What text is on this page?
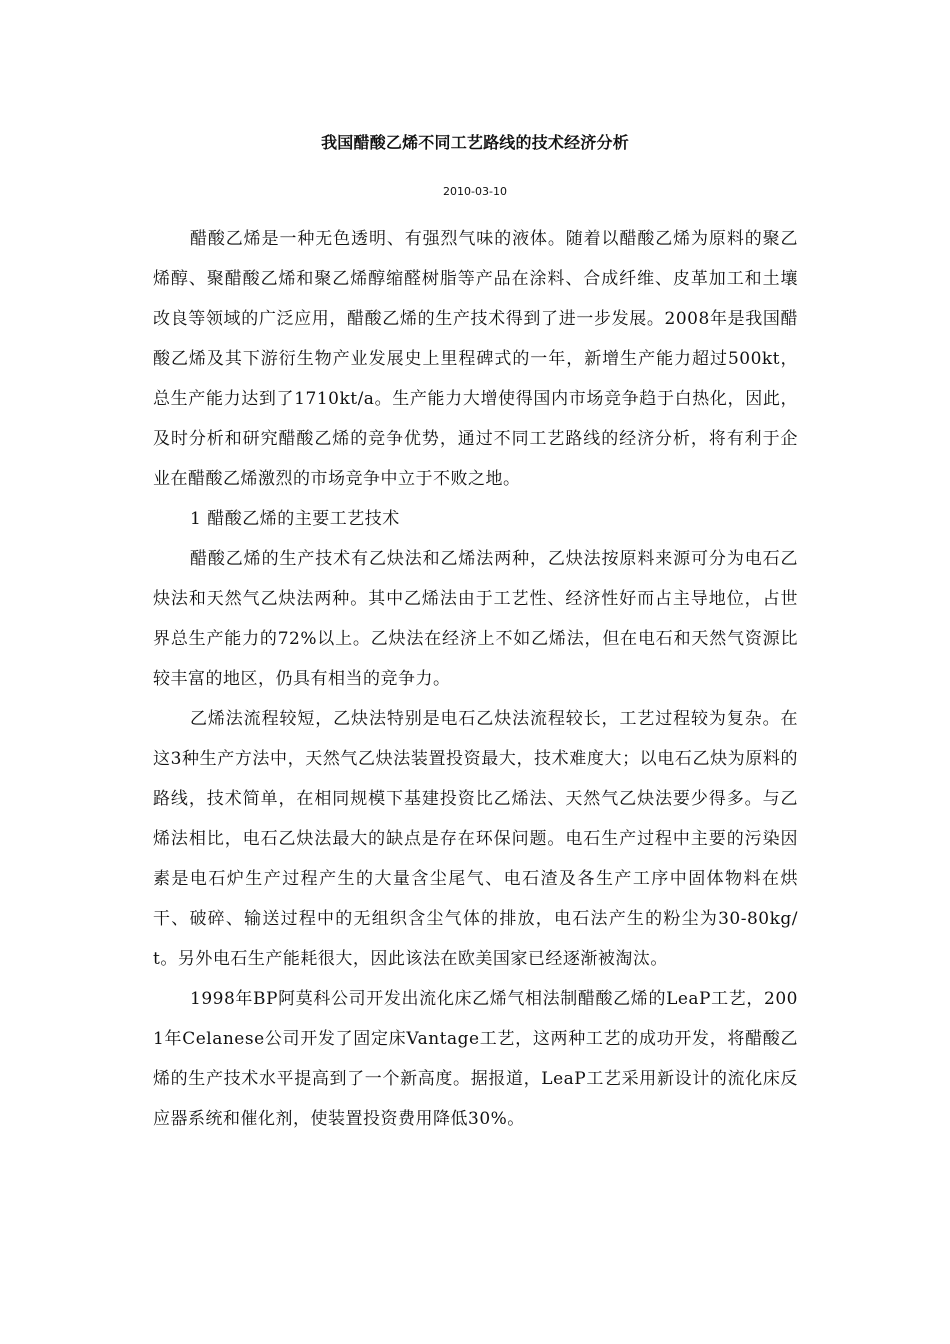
我国醋酸乙烯不同工艺路线的技术经济分析
2010-03-10

醋酸乙烯是一种无色透明、有强烈气味的液体。随着以醋酸乙烯为原料的聚乙烯醇、聚醋酸乙烯和聚乙烯醇缩醛树脂等产品在涂料、合成纤维、皮革加工和土壤改良等领域的广泛应用，醋酸乙烯的生产技术得到了进一步发展。2008年是我国醋酸乙烯及其下游衍生物产业发展史上里程碑式的一年，新增生产能力超过500kt，总生产能力达到了1710kt/a。生产能力大增使得国内市场竞争趋于白热化，因此，及时分析和研究醋酸乙烯的竞争优势，通过不同工艺路线的经济分析，将有利于企业在醋酸乙烯激烈的市场竞争中立于不败之地。

1 醋酸乙烯的主要工艺技术

醋酸乙烯的生产技术有乙炔法和乙烯法两种，乙炔法按原料来源可分为电石乙炔法和天然气乙炔法两种。其中乙烯法由于工艺性、经济性好而占主导地位，占世界总生产能力的72%以上。乙炔法在经济上不如乙烯法，但在电石和天然气资源比较丰富的地区，仍具有相当的竞争力。

乙烯法流程较短，乙炔法特别是电石乙炔法流程较长，工艺过程较为复杂。在这3种生产方法中，天然气乙炔法装置投资最大，技术难度大；以电石乙炔为原料的路线，技术简单，在相同规模下基建投资比乙烯法、天然气乙炔法要少得多。与乙烯法相比，电石乙炔法最大的缺点是存在环保问题。电石生产过程中主要的污染因素是电石炉生产过程产生的大量含尘尾气、电石渣及各生产工序中固体物料在烘干、破碎、输送过程中的无组织含尘气体的排放，电石法产生的粉尘为30-80kg/t。另外电石生产能耗很大，因此该法在欧美国家已经逐渐被淘汰。

1998年BP阿莫科公司开发出流化床乙烯气相法制醋酸乙烯的LeaP工艺，2001年Celanese公司开发了固定床Vantage工艺，这两种工艺的成功开发，将醋酸乙烯的生产技术水平提高到了一个新高度。据报道，LeaP工艺采用新设计的流化床反应器系统和催化剂，使装置投资费用降低30%。
